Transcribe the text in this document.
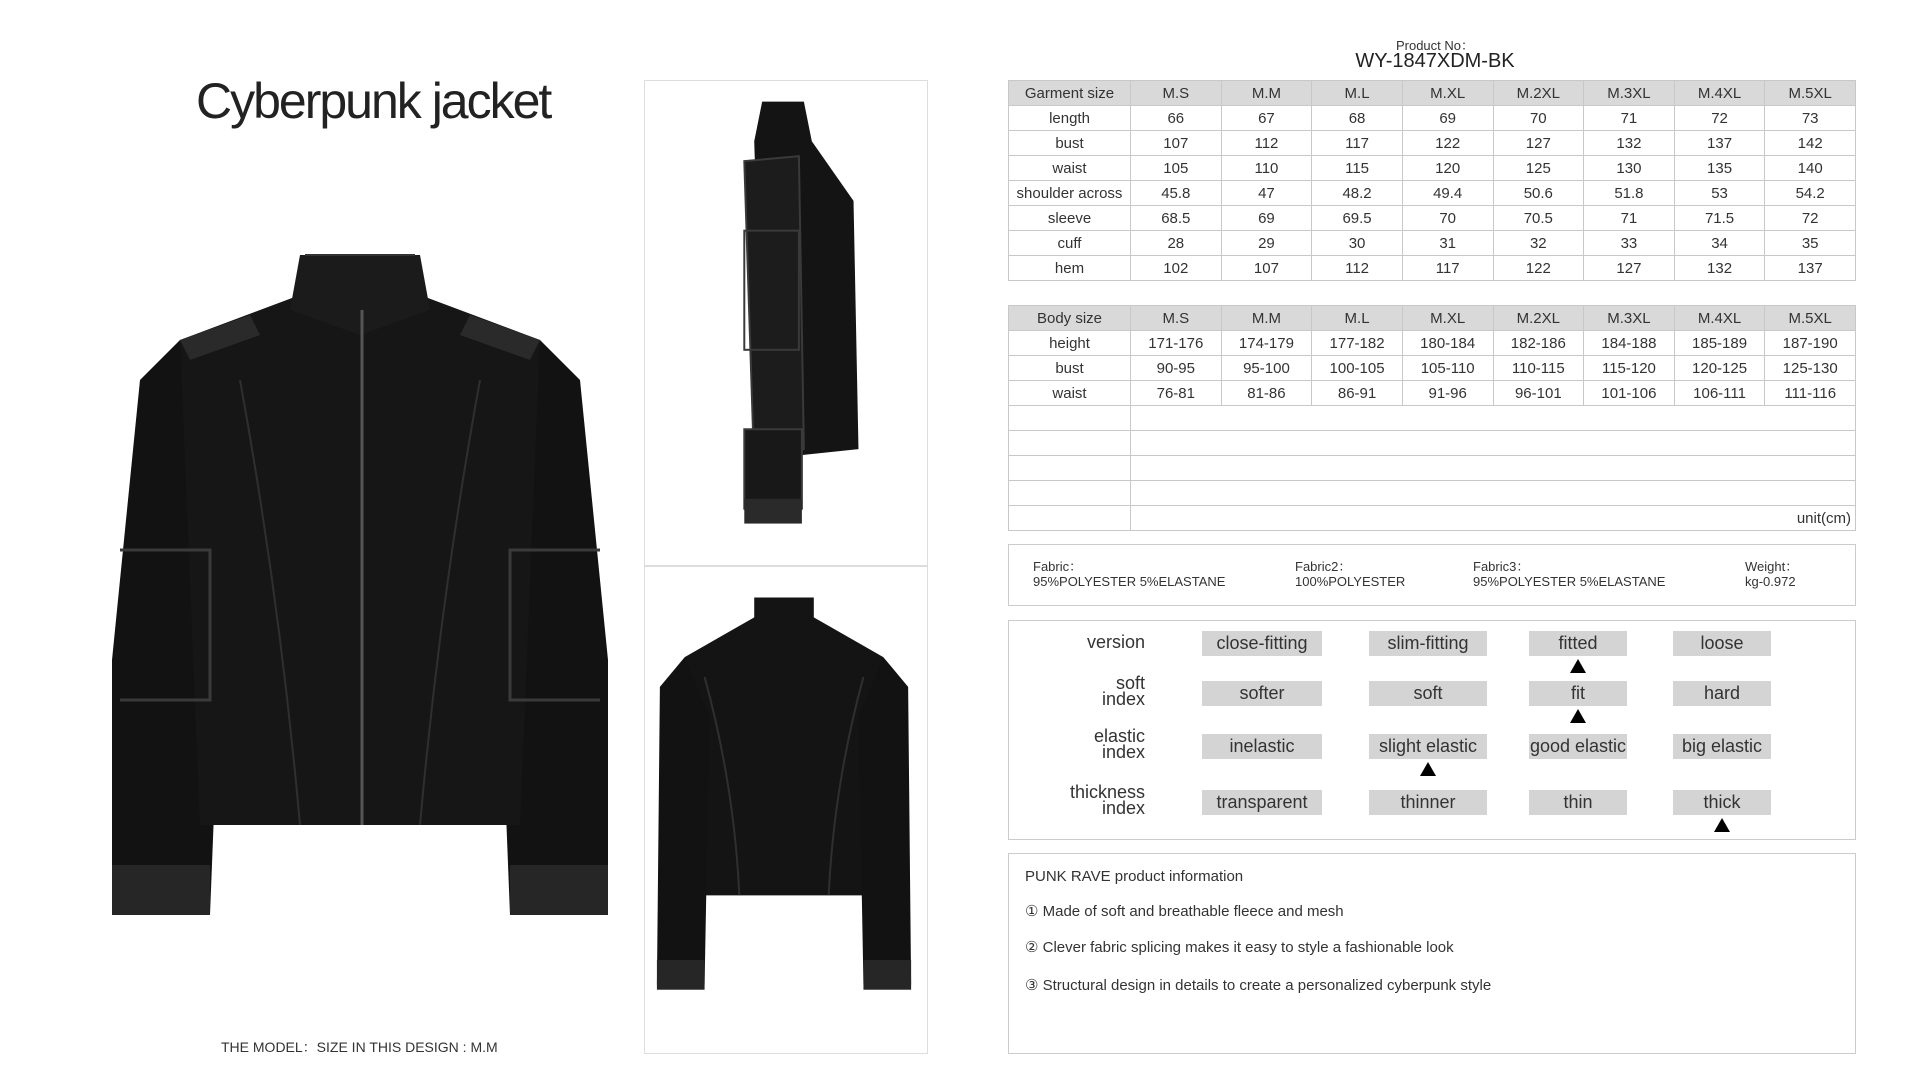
Cyberpunk jacket
THE MODEL：SIZE IN THIS DESIGN : M.M
Product No：
WY-1847XDM-BK
Garment size	M.S	M.M	M.L	M.XL	M.2XL	M.3XL	M.4XL	M.5XL
length	66	67	68	69	70	71	72	73
bust	107	112	117	122	127	132	137	142
waist	105	110	115	120	125	130	135	140
shoulder across	45.8	47	48.2	49.4	50.6	51.8	53	54.2
sleeve	68.5	69	69.5	70	70.5	71	71.5	72
cuff	28	29	30	31	32	33	34	35
hem	102	107	112	117	122	127	132	137

Body size	M.S	M.M	M.L	M.XL	M.2XL	M.3XL	M.4XL	M.5XL
height	171-176	174-179	177-182	180-184	182-186	184-188	185-189	187-190
bust	90-95	95-100	100-105	105-110	110-115	115-120	120-125	125-130
waist	76-81	81-86	86-91	91-96	96-101	101-106	106-111	111-116

	unit(cm)							
Fabric：
95%POLYESTER 5%ELASTANE
Fabric2：
100%POLYESTER
Fabric3：
95%POLYESTER 5%ELASTANE
Weight：
kg-0.972
version	close-fitting	slim-fitting	fitted	loose
soft
index	softer	soft	fit	hard
elastic
index	inelastic	slight elastic	good elastic	big elastic
thickness
index	transparent	thinner	thin	thick
PUNK RAVE product information
① Made of soft and breathable fleece and mesh
② Clever fabric splicing makes it easy to style a fashionable look
③ Structural design in details to create a personalized cyberpunk style
